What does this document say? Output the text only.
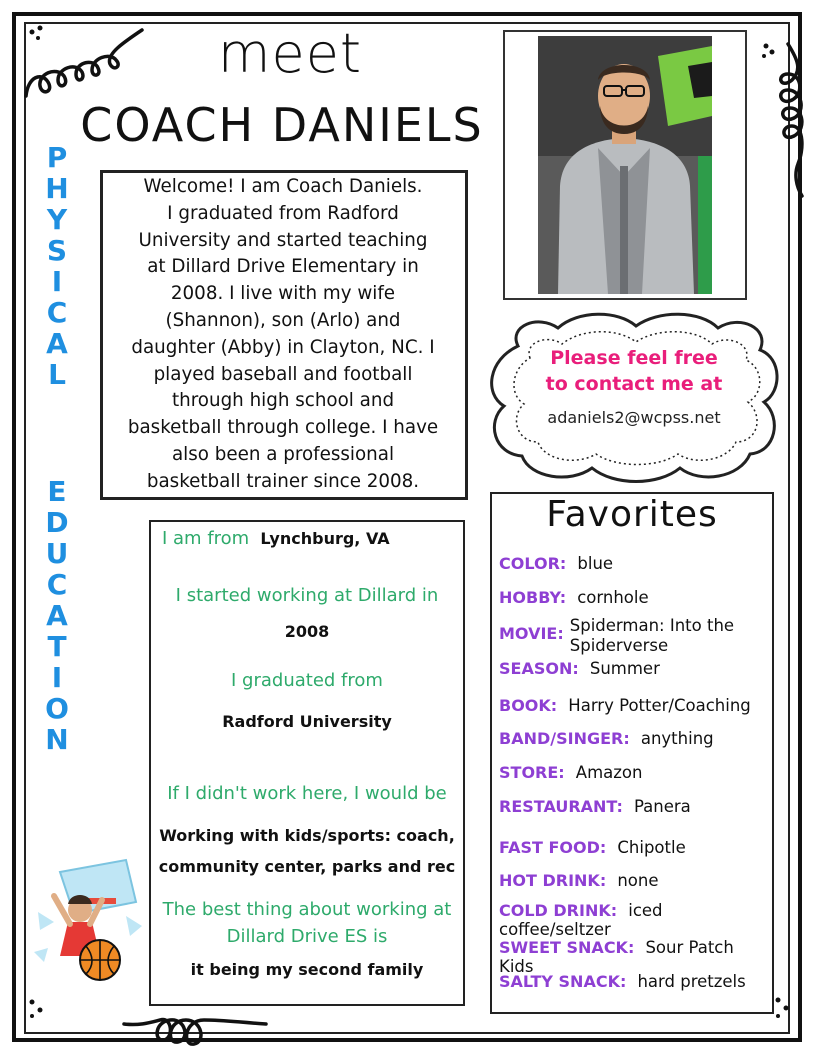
meet
COACH DANIELS
P
H
Y
S
I
C
A
L
E
D
U
C
A
T
I
O
N
Welcome! I am Coach Daniels.
I graduated from Radford
University and started teaching
at Dillard Drive Elementary in
2008. I live with my wife
(Shannon), son (Arlo) and
daughter (Abby) in Clayton, NC. I
played baseball and football
through high school and
basketball through college. I have
also been a professional
basketball trainer since 2008.
Please feel free
to contact me at
adaniels2@wcpss.net
I am from Lynchburg, VA
I started working at Dillard in
2008
I graduated from
Radford University
If I didn't work here, I would be
Working with kids/sports: coach,
community center, parks and rec
The best thing about working at
Dillard Drive ES is
it being my second family
Favorites
COLOR: blue
HOBBY: cornhole
MOVIE: Spiderman: Into the Spiderverse
SEASON: Summer
BOOK: Harry Potter/Coaching
BAND/SINGER: anything
STORE: Amazon
RESTAURANT: Panera
FAST FOOD: Chipotle
HOT DRINK: none
COLD DRINK: iced coffee/seltzer
SWEET SNACK: Sour Patch Kids
SALTY SNACK: hard pretzels
